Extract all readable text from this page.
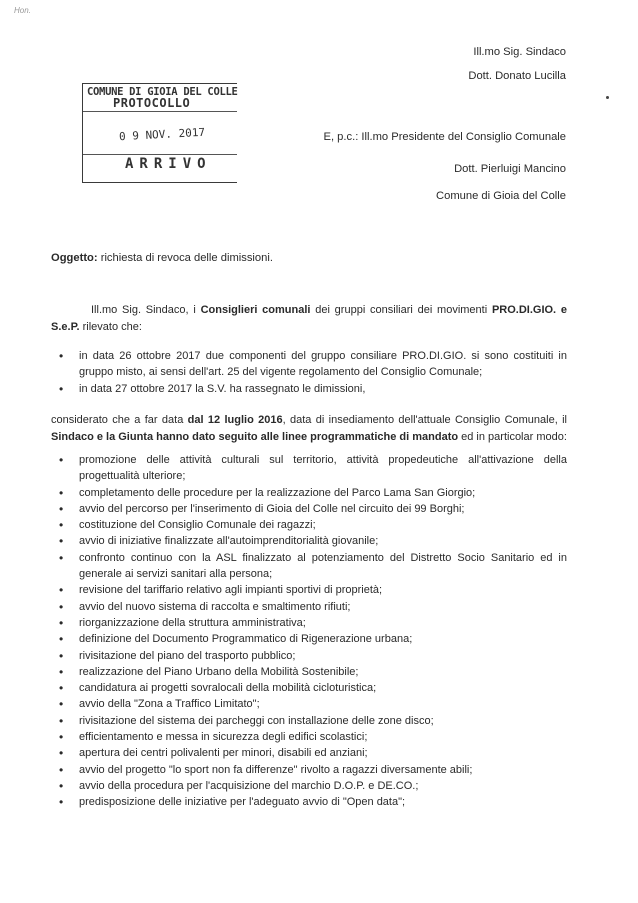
Hon.
Ill.mo Sig. Sindaco
Dott. Donato Lucilla
COMUNE DI GIOIA DEL COLLE
PROTOCOLLO
0 9 NOV. 2017
ARRIVO
E, p.c.: Ill.mo Presidente del Consiglio Comunale
Dott. Pierluigi Mancino
Comune di Gioia del Colle
Oggetto: richiesta di revoca delle dimissioni.
Ill.mo Sig. Sindaco, i Consiglieri comunali dei gruppi consiliari dei movimenti PRO.DI.GIO. e S.e.P. rilevato che:
• in data 26 ottobre 2017 due componenti del gruppo consiliare PRO.DI.GIO. si sono costituiti in gruppo misto, ai sensi dell'art. 25 del vigente regolamento del Consiglio Comunale;
• in data 27 ottobre 2017 la S.V. ha rassegnato le dimissioni,
considerato che a far data dal 12 luglio 2016, data di insediamento dell'attuale Consiglio Comunale, il Sindaco e la Giunta hanno dato seguito alle linee programmatiche di mandato ed in particolar modo:
• promozione delle attività culturali sul territorio, attività propedeutiche all'attivazione della progettualità ulteriore;
• completamento delle procedure per la realizzazione del Parco Lama San Giorgio;
• avvio del percorso per l'inserimento di Gioia del Colle nel circuito dei 99 Borghi;
• costituzione del Consiglio Comunale dei ragazzi;
• avvio di iniziative finalizzate all'autoimprenditorialità giovanile;
• confronto continuo con la ASL finalizzato al potenziamento del Distretto Socio Sanitario ed in generale ai servizi sanitari alla persona;
• revisione del tariffario relativo agli impianti sportivi di proprietà;
• avvio del nuovo sistema di raccolta e smaltimento rifiuti;
• riorganizzazione della struttura amministrativa;
• definizione del Documento Programmatico di Rigenerazione urbana;
• rivisitazione del piano del trasporto pubblico;
• realizzazione del Piano Urbano della Mobilità Sostenibile;
• candidatura ai progetti sovralocali della mobilità cicloturistica;
• avvio della "Zona a Traffico Limitato";
• rivisitazione del sistema dei parcheggi con installazione delle zone disco;
• efficientamento e messa in sicurezza degli edifici scolastici;
• apertura dei centri polivalenti per minori, disabili ed anziani;
• avvio del progetto "lo sport non fa differenze" rivolto a ragazzi diversamente abili;
• avvio della procedura per l'acquisizione del marchio D.O.P. e DE.CO.;
• predisposizione delle iniziative per l'adeguato avvio di "Open data";
